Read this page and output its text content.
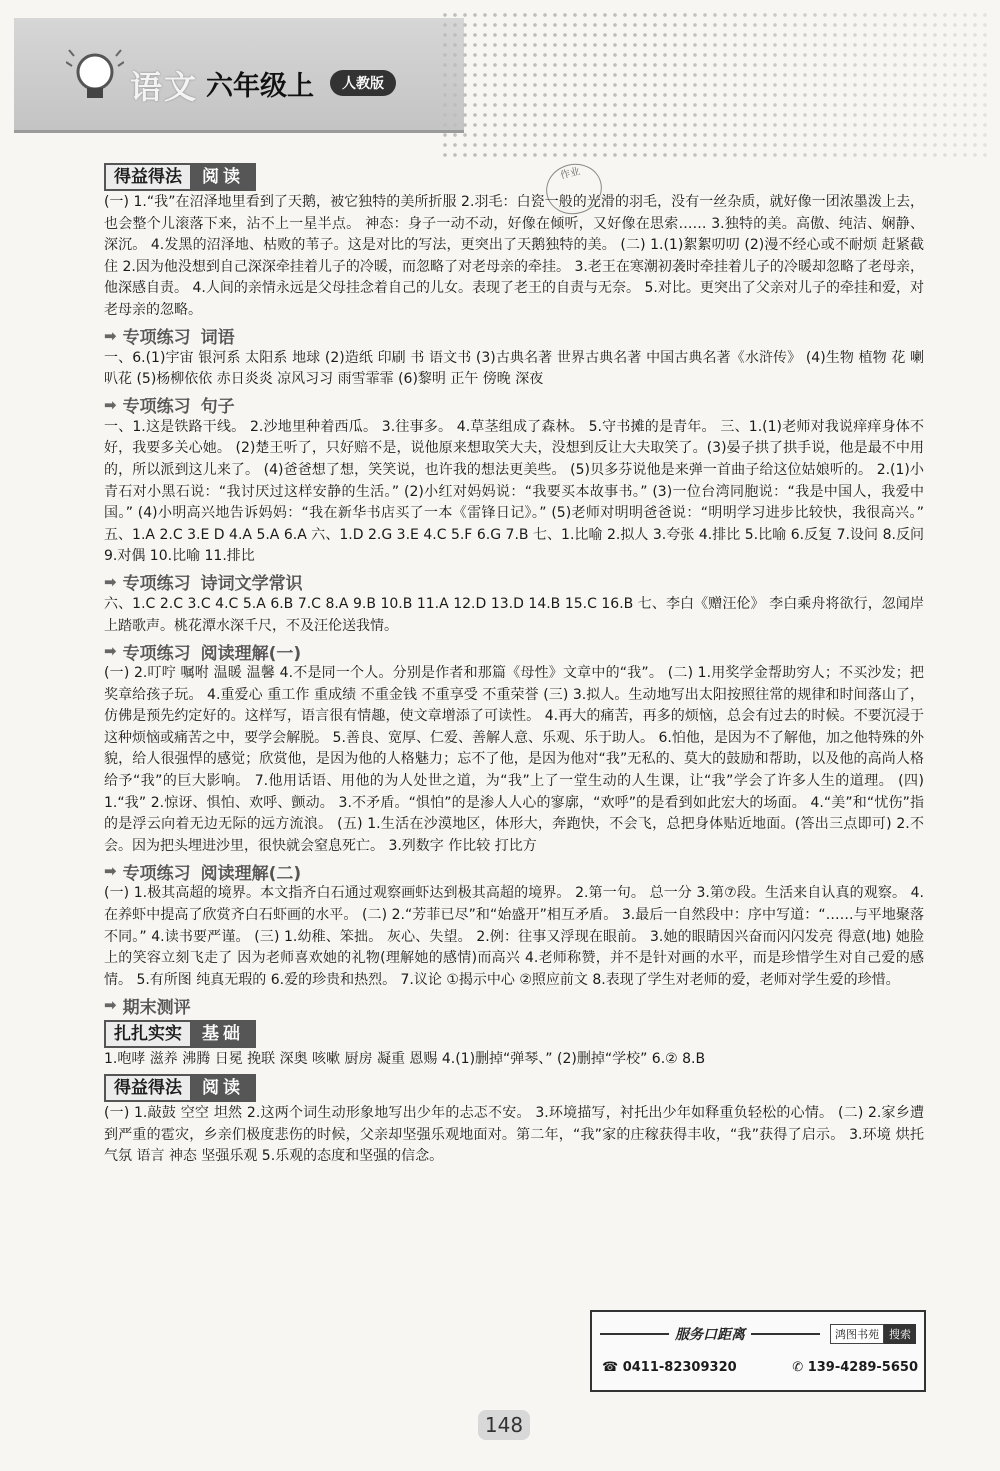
语文 六年级上	人教版
作业
得益得法	阅读

(一) 1.“我”在沼泽地里看到了天鹅，被它独特的美所折服 2.羽毛：白瓷一般的光滑的羽毛，没有一丝杂质，就好像一团浓墨泼上去，也会整个儿滚落下来，沾不上一星半点。 神态：身子一动不动，好像在倾听，又好像在思索…… 3.独特的美。高傲、纯洁、娴静、深沉。 4.发黑的沼泽地、枯败的苇子。这是对比的写法，更突出了天鹅独特的美。 (二) 1.(1)絮絮叨叨 (2)漫不经心或不耐烦 赶紧截住 2.因为他没想到自己深深牵挂着儿子的冷暖，而忽略了对老母亲的牵挂。 3.老王在寒潮初袭时牵挂着儿子的冷暖却忽略了老母亲，他深感自责。 4.人间的亲情永远是父母挂念着自己的儿女。表现了老王的自责与无奈。 5.对比。更突出了父亲对儿子的牵挂和爱，对老母亲的忽略。

➡ 专项练习 词语

一、6.(1)宇宙 银河系 太阳系 地球 (2)造纸 印刷 书 语文书 (3)古典名著 世界古典名著 中国古典名著《水浒传》 (4)生物 植物 花 喇叭花 (5)杨柳依依 赤日炎炎 凉风习习 雨雪霏霏 (6)黎明 正午 傍晚 深夜

➡ 专项练习 句子

一、1.这是铁路干线。 2.沙地里种着西瓜。 3.往事多。 4.草茎组成了森林。 5.守书摊的是青年。 三、1.(1)老师对我说痒痒身体不好，我要多关心她。 (2)楚王听了，只好赔不是，说他原来想取笑大夫，没想到反让大夫取笑了。(3)晏子拱了拱手说，他是最不中用的，所以派到这儿来了。 (4)爸爸想了想，笑笑说，也许我的想法更美些。 (5)贝多芬说他是来弹一首曲子给这位姑娘听的。 2.(1)小青石对小黑石说：“我讨厌过这样安静的生活。” (2)小红对妈妈说：“我要买本故事书。” (3)一位台湾同胞说：“我是中国人，我爱中国。” (4)小明高兴地告诉妈妈：“我在新华书店买了一本《雷锋日记》。” (5)老师对明明爸爸说：“明明学习进步比较快，我很高兴。” 五、1.A 2.C 3.E D 4.A 5.A 6.A 六、1.D 2.G 3.E 4.C 5.F 6.G 7.B 七、1.比喻 2.拟人 3.夸张 4.排比 5.比喻 6.反复 7.设问 8.反问 9.对偶 10.比喻 11.排比

➡ 专项练习 诗词文学常识

六、1.C 2.C 3.C 4.C 5.A 6.B 7.C 8.A 9.B 10.B 11.A 12.D 13.D 14.B 15.C 16.B 七、李白《赠汪伦》 李白乘舟将欲行，忽闻岸上踏歌声。桃花潭水深千尺，不及汪伦送我情。

➡ 专项练习 阅读理解(一)

(一) 2.叮咛 嘱咐 温暖 温馨 4.不是同一个人。分别是作者和那篇《母性》文章中的“我”。 (二) 1.用奖学金帮助穷人；不买沙发；把奖章给孩子玩。 4.重爱心 重工作 重成绩 不重金钱 不重享受 不重荣誉 (三) 3.拟人。生动地写出太阳按照往常的规律和时间落山了，仿佛是预先约定好的。这样写，语言很有情趣，使文章增添了可读性。 4.再大的痛苦，再多的烦恼，总会有过去的时候。不要沉浸于这种烦恼或痛苦之中，要学会解脱。 5.善良、宽厚、仁爱、善解人意、乐观、乐于助人。 6.怕他，是因为不了解他，加之他特殊的外貌，给人很强悍的感觉；欣赏他，是因为他的人格魅力；忘不了他，是因为他对“我”无私的、莫大的鼓励和帮助，以及他的高尚人格给予“我”的巨大影响。 7.他用话语、用他的为人处世之道，为“我”上了一堂生动的人生课，让“我”学会了许多人生的道理。 (四) 1.“我” 2.惊讶、惧怕、欢呼、颤动。 3.不矛盾。“惧怕”的是渗人人心的寥廓，“欢呼”的是看到如此宏大的场面。 4.“美”和“忧伤”指的是浮云向着无边无际的远方流浪。 (五) 1.生活在沙漠地区，体形大，奔跑快，不会飞，总把身体贴近地面。(答出三点即可) 2.不会。因为把头埋进沙里，很快就会窒息死亡。 3.列数字 作比较 打比方

➡ 专项练习 阅读理解(二)

(一) 1.极其高超的境界。本文指齐白石通过观察画虾达到极其高超的境界。 2.第一句。 总一分 3.第⑦段。生活来自认真的观察。 4.在养虾中提高了欣赏齐白石虾画的水平。 (二) 2.“芳菲已尽”和“始盛开”相互矛盾。 3.最后一自然段中：序中写道：“……与平地聚落不同。” 4.读书要严谨。 (三) 1.幼稚、笨拙。 灰心、失望。 2.例：往事又浮现在眼前。 3.她的眼睛因兴奋而闪闪发亮 得意(地) 她脸上的笑容立刻飞走了 因为老师喜欢她的礼物(理解她的感情)而高兴 4.老师称赞，并不是针对画的水平，而是珍惜学生对自己爱的感情。 5.有所图 纯真无瑕的 6.爱的珍贵和热烈。 7.议论 ①揭示中心 ②照应前文 8.表现了学生对老师的爱，老师对学生爱的珍惜。

➡ 期末测评
扎扎实实	基础

1.咆哮 滋养 沸腾 日冕 挽联 深奥 咳嗽 厨房 凝重 恩赐 4.(1)删掉“弹琴、” (2)删掉“学校” 6.② 8.B

得益得法	阅读

(一) 1.敲鼓 空空 坦然 2.这两个词生动形象地写出少年的忐忑不安。 3.环境描写，衬托出少年如释重负轻松的心情。 (二) 2.家乡遭到严重的雹灾，乡亲们极度悲伤的时候，父亲却坚强乐观地面对。第二年，“我”家的庄稼获得丰收，“我”获得了启示。 3.环境 烘托气氛 语言 神态 坚强乐观 5.乐观的态度和坚强的信念。

服务口距离	鸿图书苑 搜索
☎ 0411-82309320	✆ 139-4289-5650
148
